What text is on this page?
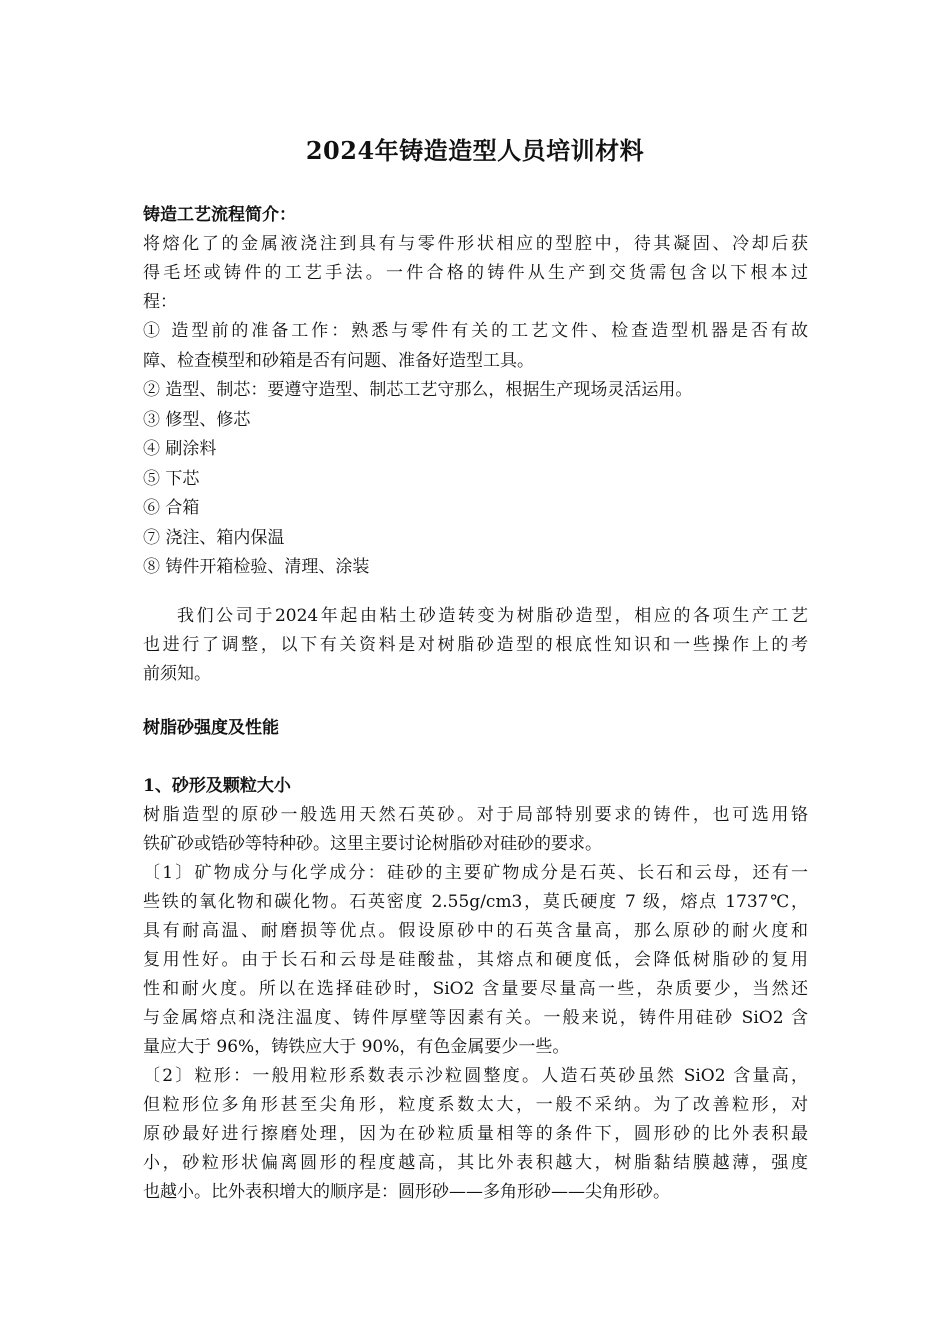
2024年铸造造型人员培训材料
铸造工艺流程简介：
将熔化了的金属液浇注到具有与零件形状相应的型腔中，待其凝固、冷却后获
得毛坯或铸件的工艺手法。一件合格的铸件从生产到交货需包含以下根本过
程：
① 造型前的准备工作：熟悉与零件有关的工艺文件、检查造型机器是否有故
障、检查模型和砂箱是否有问题、准备好造型工具。
② 造型、制芯：要遵守造型、制芯工艺守那么，根据生产现场灵活运用。
③ 修型、修芯
④ 刷涂料
⑤ 下芯
⑥ 合箱
⑦ 浇注、箱内保温
⑧ 铸件开箱检验、清理、涂装
我们公司于2024年起由粘土砂造转变为树脂砂造型，相应的各项生产工艺
也进行了调整，以下有关资料是对树脂砂造型的根底性知识和一些操作上的考
前须知。
树脂砂强度及性能
1、砂形及颗粒大小
树脂造型的原砂一般选用天然石英砂。对于局部特别要求的铸件，也可选用铬
铁矿砂或锆砂等特种砂。这里主要讨论树脂砂对硅砂的要求。
〔1〕矿物成分与化学成分：硅砂的主要矿物成分是石英、长石和云母，还有一
些铁的氧化物和碳化物。石英密度 2.55g/cm3，莫氏硬度 7 级，熔点 1737℃，
具有耐高温、耐磨损等优点。假设原砂中的石英含量高，那么原砂的耐火度和
复用性好。由于长石和云母是硅酸盐，其熔点和硬度低，会降低树脂砂的复用
性和耐火度。所以在选择硅砂时，SiO2 含量要尽量高一些，杂质要少，当然还
与金属熔点和浇注温度、铸件厚壁等因素有关。一般来说，铸件用硅砂 SiO2 含
量应大于 96%，铸铁应大于 90%，有色金属要少一些。
〔2〕粒形：一般用粒形系数表示沙粒圆整度。人造石英砂虽然 SiO2 含量高，
但粒形位多角形甚至尖角形，粒度系数太大，一般不采纳。为了改善粒形，对
原砂最好进行擦磨处理，因为在砂粒质量相等的条件下，圆形砂的比外表积最
小，砂粒形状偏离圆形的程度越高，其比外表积越大，树脂黏结膜越薄，强度
也越小。比外表积增大的顺序是：圆形砂——多角形砂——尖角形砂。
